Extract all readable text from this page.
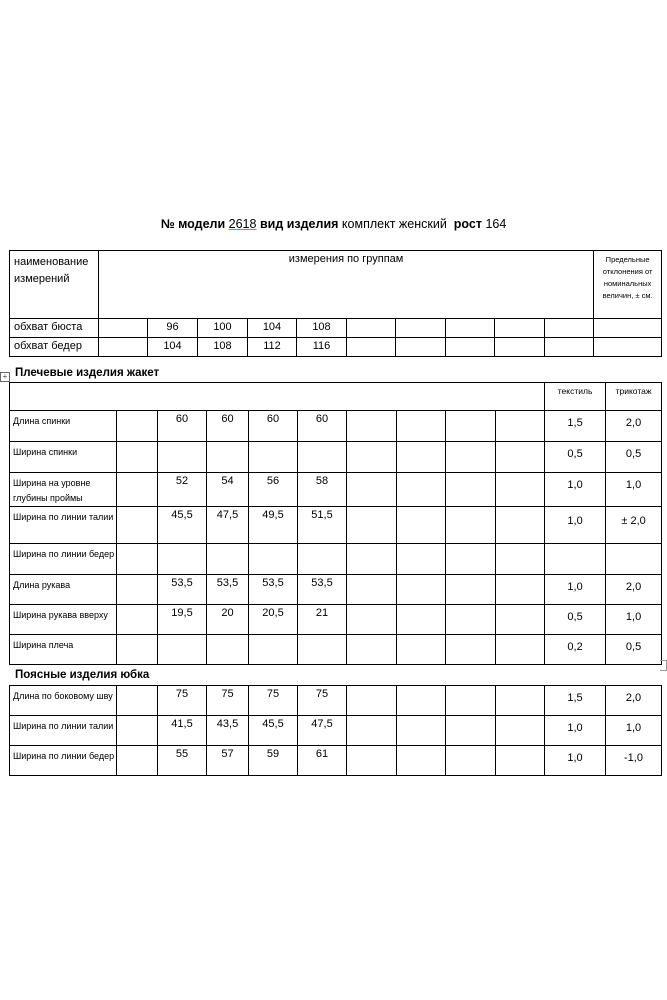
№ модели 2618 вид изделия комплект женский рост 164
наименование измерений	измерения по группам										Предельные отклонения от номинальных величин, ± см.
обхват бюста		96	100	104	108						
обхват бедер		104	108	112	116						
+ Плечевые изделия жакет
										текстиль	трикотаж
Длина спинки		60	60	60	60					1,5	2,0
Ширина спинки										0,5	0,5
Ширина на уровне глубины проймы		52	54	56	58					1,0	1,0
Ширина по линии талии		45,5	47,5	49,5	51,5					1,0	± 2,0
Ширина по линии бедер											
Длина рукава		53,5	53,5	53,5	53,5					1,0	2,0
Ширина рукава вверху		19,5	20	20,5	21					0,5	1,0
Ширина плеча										0,2	0,5
Поясные изделия юбка
Длина по боковому шву		75	75	75	75					1,5	2,0
Ширина по линии талии		41,5	43,5	45,5	47,5					1,0	1,0
Ширина по линии бедер		55	57	59	61					1,0	-1,0
